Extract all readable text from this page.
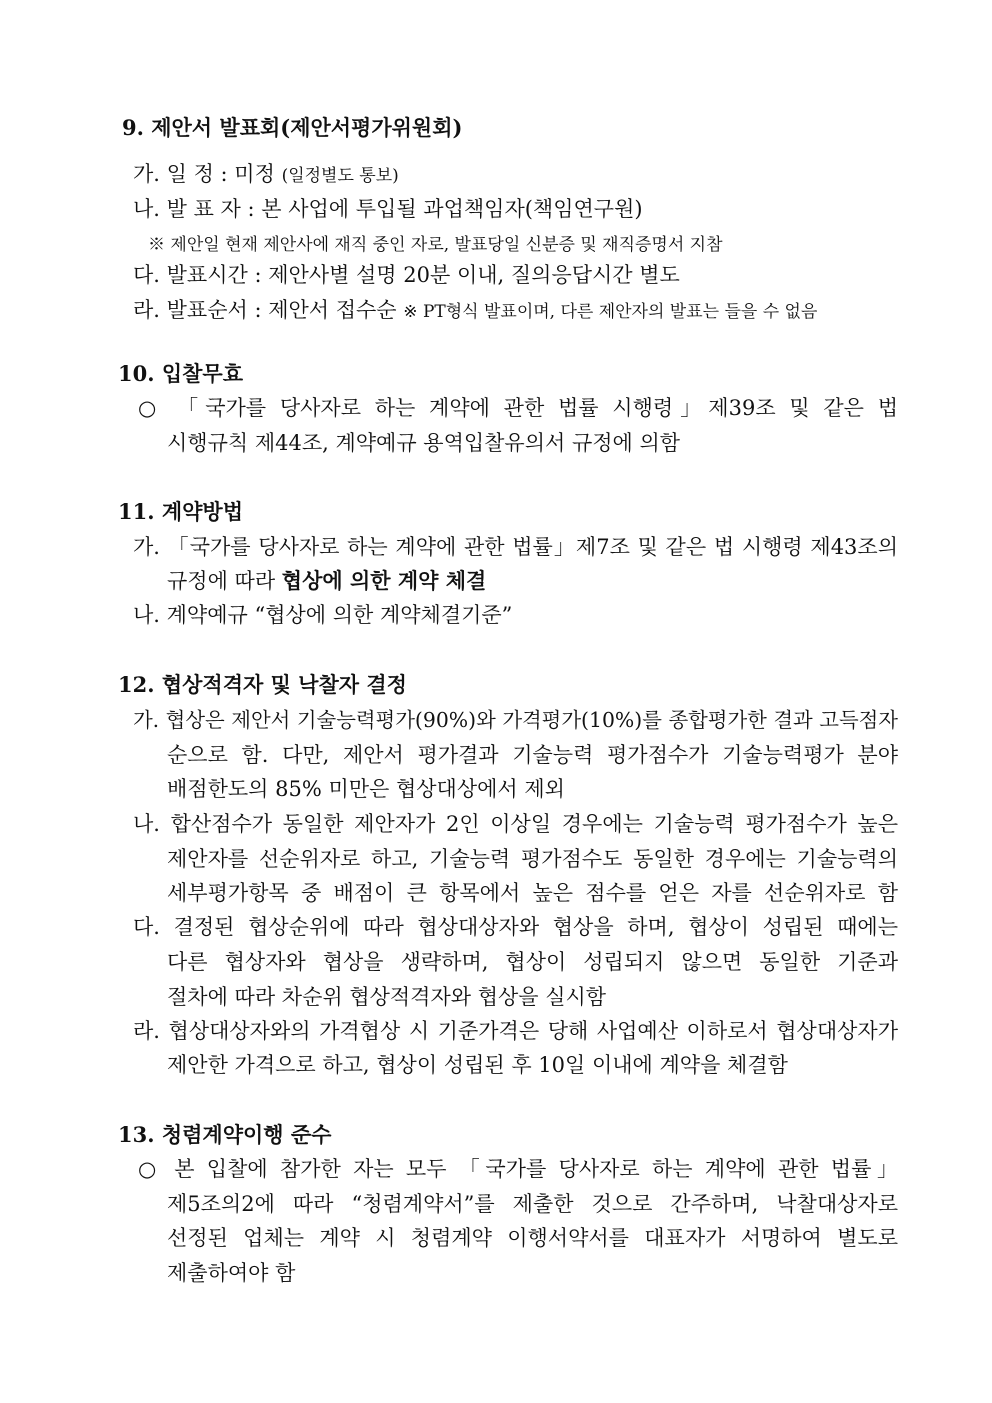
9. 제안서 발표회(제안서평가위원회)
가. 일 정 : 미정 (일정별도 통보)
나. 발 표 자 : 본 사업에 투입될 과업책임자(책임연구원)
※ 제안일 현재 제안사에 재직 중인 자로, 발표당일 신분증 및 재직증명서 지참
다. 발표시간 : 제안사별 설명 20분 이내, 질의응답시간 별도
라. 발표순서 : 제안서 접수순 ※ PT형식 발표이며, 다른 제안자의 발표는 들을 수 없음
10. 입찰무효
○ 「국가를 당사자로 하는 계약에 관한 법률 시행령」제39조 및 같은 법
시행규칙 제44조, 계약예규 용역입찰유의서 규정에 의함
11. 계약방법
가. 「국가를 당사자로 하는 계약에 관한 법률」제7조 및 같은 법 시행령 제43조의
규정에 따라 협상에 의한 계약 체결
나. 계약예규 “협상에 의한 계약체결기준”
12. 협상적격자 및 낙찰자 결정
가. 협상은 제안서 기술능력평가(90%)와 가격평가(10%)를 종합평가한 결과 고득점자
순으로 함. 다만, 제안서 평가결과 기술능력 평가점수가 기술능력평가 분야
배점한도의 85% 미만은 협상대상에서 제외
나. 합산점수가 동일한 제안자가 2인 이상일 경우에는 기술능력 평가점수가 높은
제안자를 선순위자로 하고, 기술능력 평가점수도 동일한 경우에는 기술능력의
세부평가항목 중 배점이 큰 항목에서 높은 점수를 얻은 자를 선순위자로 함
다. 결정된 협상순위에 따라 협상대상자와 협상을 하며, 협상이 성립된 때에는
다른 협상자와 협상을 생략하며, 협상이 성립되지 않으면 동일한 기준과
절차에 따라 차순위 협상적격자와 협상을 실시함
라. 협상대상자와의 가격협상 시 기준가격은 당해 사업예산 이하로서 협상대상자가
제안한 가격으로 하고, 협상이 성립된 후 10일 이내에 계약을 체결함
13. 청렴계약이행 준수
○ 본 입찰에 참가한 자는 모두 「국가를 당사자로 하는 계약에 관한 법률」
제5조의2에 따라 “청렴계약서”를 제출한 것으로 간주하며, 낙찰대상자로
선정된 업체는 계약 시 청렴계약 이행서약서를 대표자가 서명하여 별도로
제출하여야 함
